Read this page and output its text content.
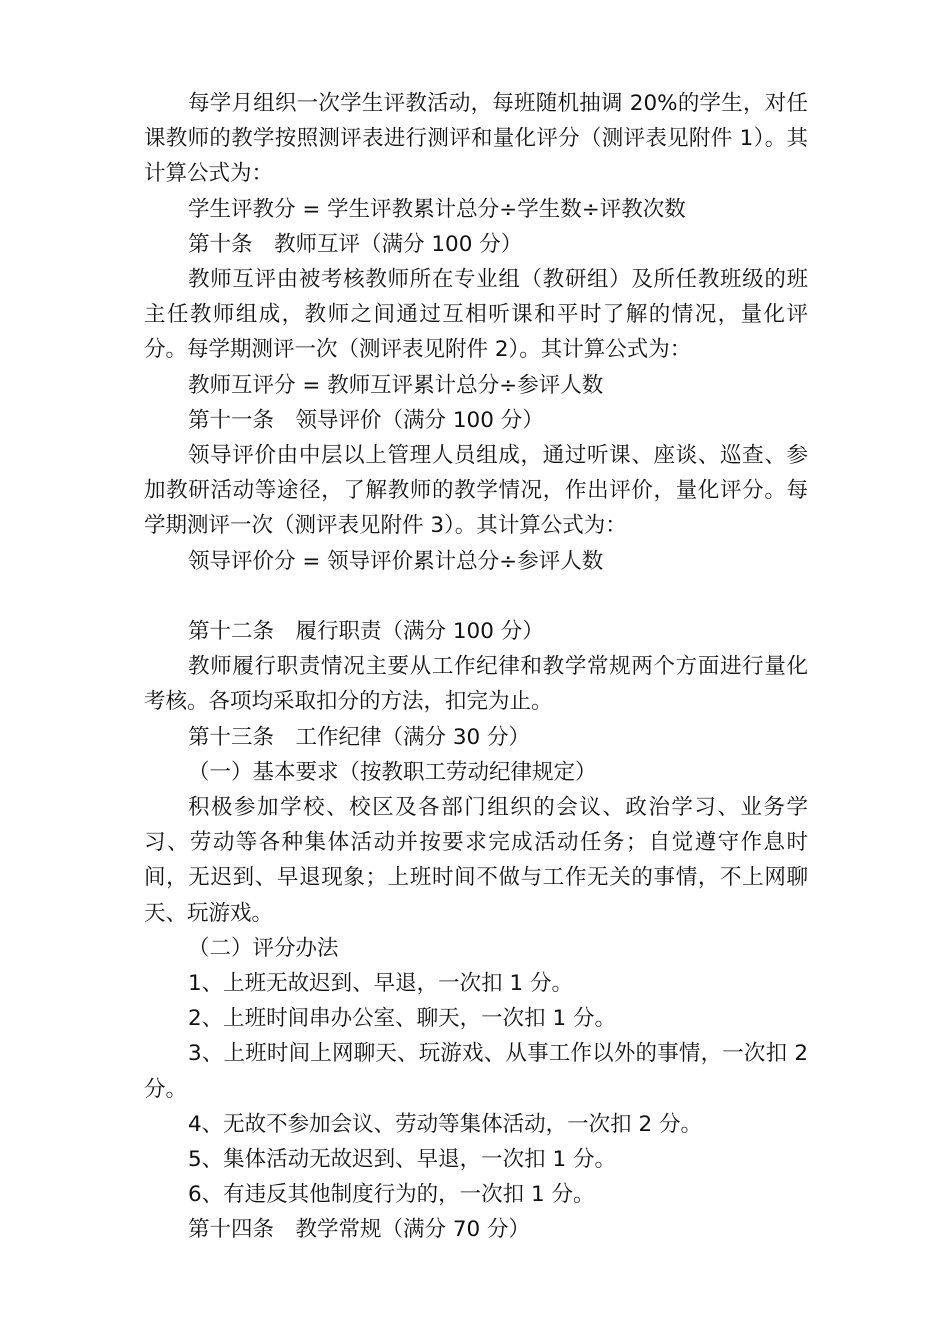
每学月组织一次学生评教活动，每班随机抽调 20%的学生，对任课教师的教学按照测评表进行测评和量化评分（测评表见附件 1）。其计算公式为：

学生评教分 = 学生评教累计总分÷学生数÷评教次数

第十条　教师互评（满分 100 分）

教师互评由被考核教师所在专业组（教研组）及所任教班级的班主任教师组成，教师之间通过互相听课和平时了解的情况，量化评分。每学期测评一次（测评表见附件 2）。其计算公式为：

教师互评分 = 教师互评累计总分÷参评人数

第十一条　领导评价（满分 100 分）

领导评价由中层以上管理人员组成，通过听课、座谈、巡查、参加教研活动等途径，了解教师的教学情况，作出评价，量化评分。每学期测评一次（测评表见附件 3）。其计算公式为：

领导评价分 = 领导评价累计总分÷参评人数

第十二条　履行职责（满分 100 分）

教师履行职责情况主要从工作纪律和教学常规两个方面进行量化考核。各项均采取扣分的方法，扣完为止。

第十三条　工作纪律（满分 30 分）

（一）基本要求（按教职工劳动纪律规定）

积极参加学校、校区及各部门组织的会议、政治学习、业务学习、劳动等各种集体活动并按要求完成活动任务；自觉遵守作息时间，无迟到、早退现象；上班时间不做与工作无关的事情，不上网聊天、玩游戏。

（二）评分办法

1、上班无故迟到、早退，一次扣 1 分。

2、上班时间串办公室、聊天，一次扣 1 分。

3、上班时间上网聊天、玩游戏、从事工作以外的事情，一次扣 2 分。

4、无故不参加会议、劳动等集体活动，一次扣 2 分。

5、集体活动无故迟到、早退，一次扣 1 分。

6、有违反其他制度行为的，一次扣 1 分。

第十四条　教学常规（满分 70 分）
